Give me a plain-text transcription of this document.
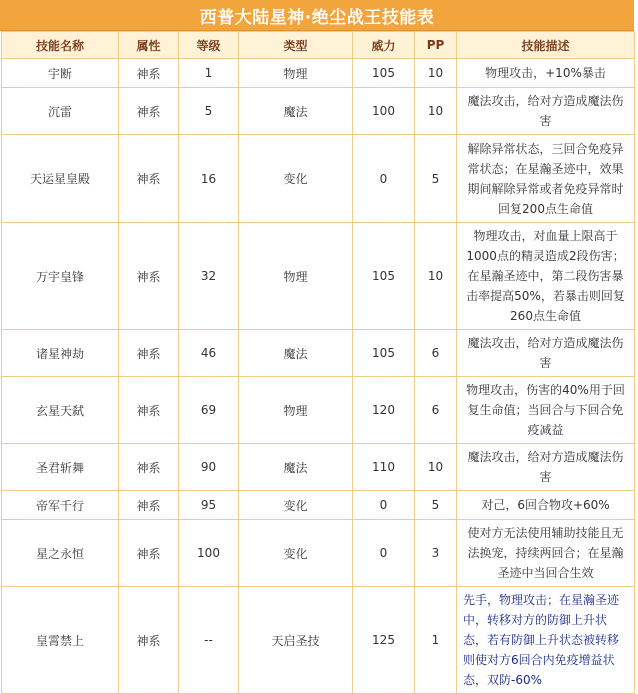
西普大陆星神·绝尘战王技能表
技能名称	属性	等级	类型	威力	PP	技能描述
宇断	神系	1	物理	105	10	物理攻击，+10%暴击
沉雷	神系	5	魔法	100	10	魔法攻击，给对方造成魔法伤害
天运星皇殿	神系	16	变化	0	5	解除异常状态，三回合免疫异常状态；在星瀚圣迹中，效果期间解除异常或者免疫异常时回复200点生命值
万宇皇锋	神系	32	物理	105	10	物理攻击，对血量上限高于1000点的精灵造成2段伤害；在星瀚圣迹中，第二段伤害暴击率提高50%，若暴击则回复260点生命值
诸星神劫	神系	46	魔法	105	6	魔法攻击，给对方造成魔法伤害
玄星天弑	神系	69	物理	120	6	物理攻击，伤害的40%用于回复生命值；当回合与下回合免疫减益
圣君斩舞	神系	90	魔法	110	10	魔法攻击，给对方造成魔法伤害
帝军千行	神系	95	变化	0	5	对己，6回合物攻+60%
星之永恒	神系	100	变化	0	3	使对方无法使用辅助技能且无法换宠，持续两回合；在星瀚圣迹中当回合生效
皇霄禁上	神系	--	天启圣技	125	1	先手，物理攻击；在星瀚圣迹中，转移对方的防御上升状态，若有防御上升状态被转移则使对方6回合内免疫增益状态，双防-60%
